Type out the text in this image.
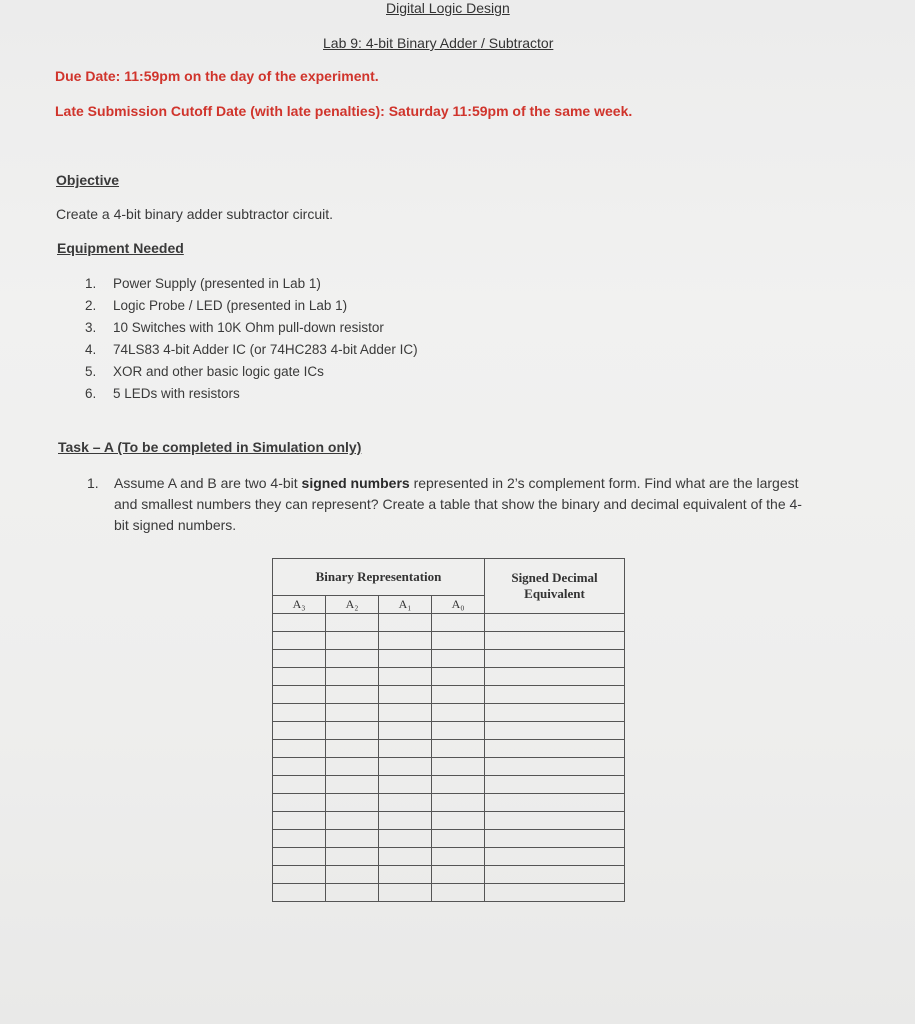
Digital Logic Design
Lab 9: 4-bit Binary Adder / Subtractor
Due Date: 11:59pm on the day of the experiment.
Late Submission Cutoff Date (with late penalties): Saturday 11:59pm of the same week.
Objective
Create a 4-bit binary adder subtractor circuit.
Equipment Needed
1. Power Supply (presented in Lab 1)
2. Logic Probe / LED (presented in Lab 1)
3. 10 Switches with 10K Ohm pull-down resistor
4. 74LS83 4-bit Adder IC (or 74HC283 4-bit Adder IC)
5. XOR and other basic logic gate ICs
6. 5 LEDs with resistors
Task – A (To be completed in Simulation only)
1. Assume A and B are two 4-bit signed numbers represented in 2’s complement form. Find what are the largest and smallest numbers they can represent? Create a table that show the binary and decimal equivalent of the 4-bit signed numbers.
Binary Representation				Signed Decimal Equivalent
A₃	A₂	A₁	A₀	
